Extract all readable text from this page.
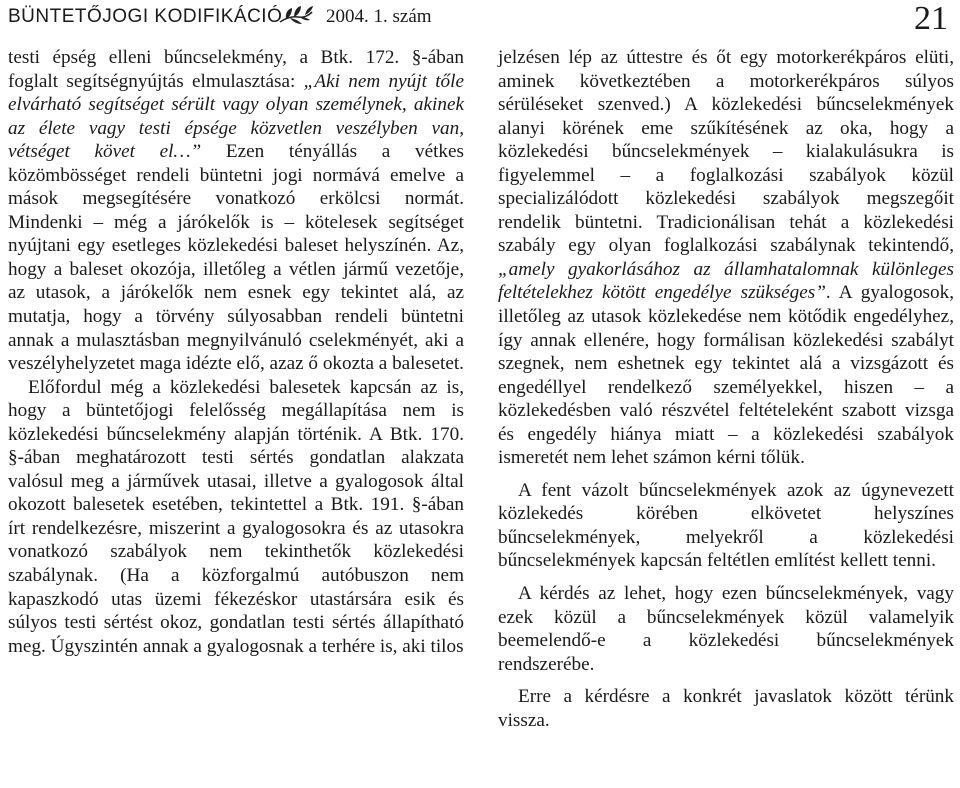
BÜNTETŐJOGI KODIFIKÁCIÓ 2004. 1. szám	21

testi épség elleni bűncselekmény, a Btk. 172. §-ában foglalt segítségnyújtás elmulasztása: „Aki nem nyújt tőle elvárható segítséget sérült vagy olyan személynek, akinek az élete vagy testi épsége közvetlen veszélyben van, vétséget követ el…” Ezen tényállás a vétkes közömbösséget rendeli büntetni jogi normává emelve a mások megsegítésére vonatkozó erkölcsi normát. Mindenki – még a járókelők is – kötelesek segítséget nyújtani egy esetleges közlekedési baleset helyszínén. Az, hogy a baleset okozója, illetőleg a vétlen jármű vezetője, az utasok, a járókelők nem esnek egy tekintet alá, az mutatja, hogy a törvény súlyosabban rendeli büntetni annak a mulasztásban megnyilvánuló cselekményét, aki a veszélyhelyzetet maga idézte elő, azaz ő okozta a balesetet.

Előfordul még a közlekedési balesetek kapcsán az is, hogy a büntetőjogi felelősség megállapítása nem is közlekedési bűncselekmény alapján történik. A Btk. 170. §-ában meghatározott testi sértés gondatlan alakzata valósul meg a járművek utasai, illetve a gyalogosok által okozott balesetek esetében, tekintettel a Btk. 191. §-ában írt rendelkezésre, miszerint a gyalogosokra és az utasokra vonatkozó szabályok nem tekinthetők közlekedési szabálynak. (Ha a közforgalmú autóbuszon nem kapaszkodó utas üzemi fékezéskor utastársára esik és súlyos testi sértést okoz, gondatlan testi sértés állapítható meg. Úgyszintén annak a gyalogosnak a terhére is, aki tilos

jelzésen lép az úttestre és őt egy motorkerékpáros elüti, aminek következtében a motorkerékpáros súlyos sérüléseket szenved.) A közlekedési bűncselekmények alanyi körének eme szűkítésének az oka, hogy a közlekedési bűncselekmények – kialakulásukra is figyelemmel – a foglalkozási szabályok közül specializálódott közlekedési szabályok megszegőit rendelik büntetni. Tradicionálisan tehát a közlekedési szabály egy olyan foglalkozási szabálynak tekintendő, „amely gyakorlásához az államhatalomnak különleges feltételekhez kötött engedélye szükséges”. A gyalogosok, illetőleg az utasok közlekedése nem kötődik engedélyhez, így annak ellenére, hogy formálisan közlekedési szabályt szegnek, nem eshetnek egy tekintet alá a vizsgázott és engedéllyel rendelkező személyekkel, hiszen – a közlekedésben való részvétel feltételeként szabott vizsga és engedély hiánya miatt – a közlekedési szabályok ismeretét nem lehet számon kérni tőlük.

A fent vázolt bűncselekmények azok az úgynevezett közlekedés körében elkövetet helyszínes bűncselekmények, melyekről a közlekedési bűncselekmények kapcsán feltétlen említést kellett tenni.

A kérdés az lehet, hogy ezen bűncselekmények, vagy ezek közül a bűncselekmények közül valamelyik beemelendő-e a közlekedési bűncselekmények rendszerébe.

Erre a kérdésre a konkrét javaslatok között térünk vissza.
